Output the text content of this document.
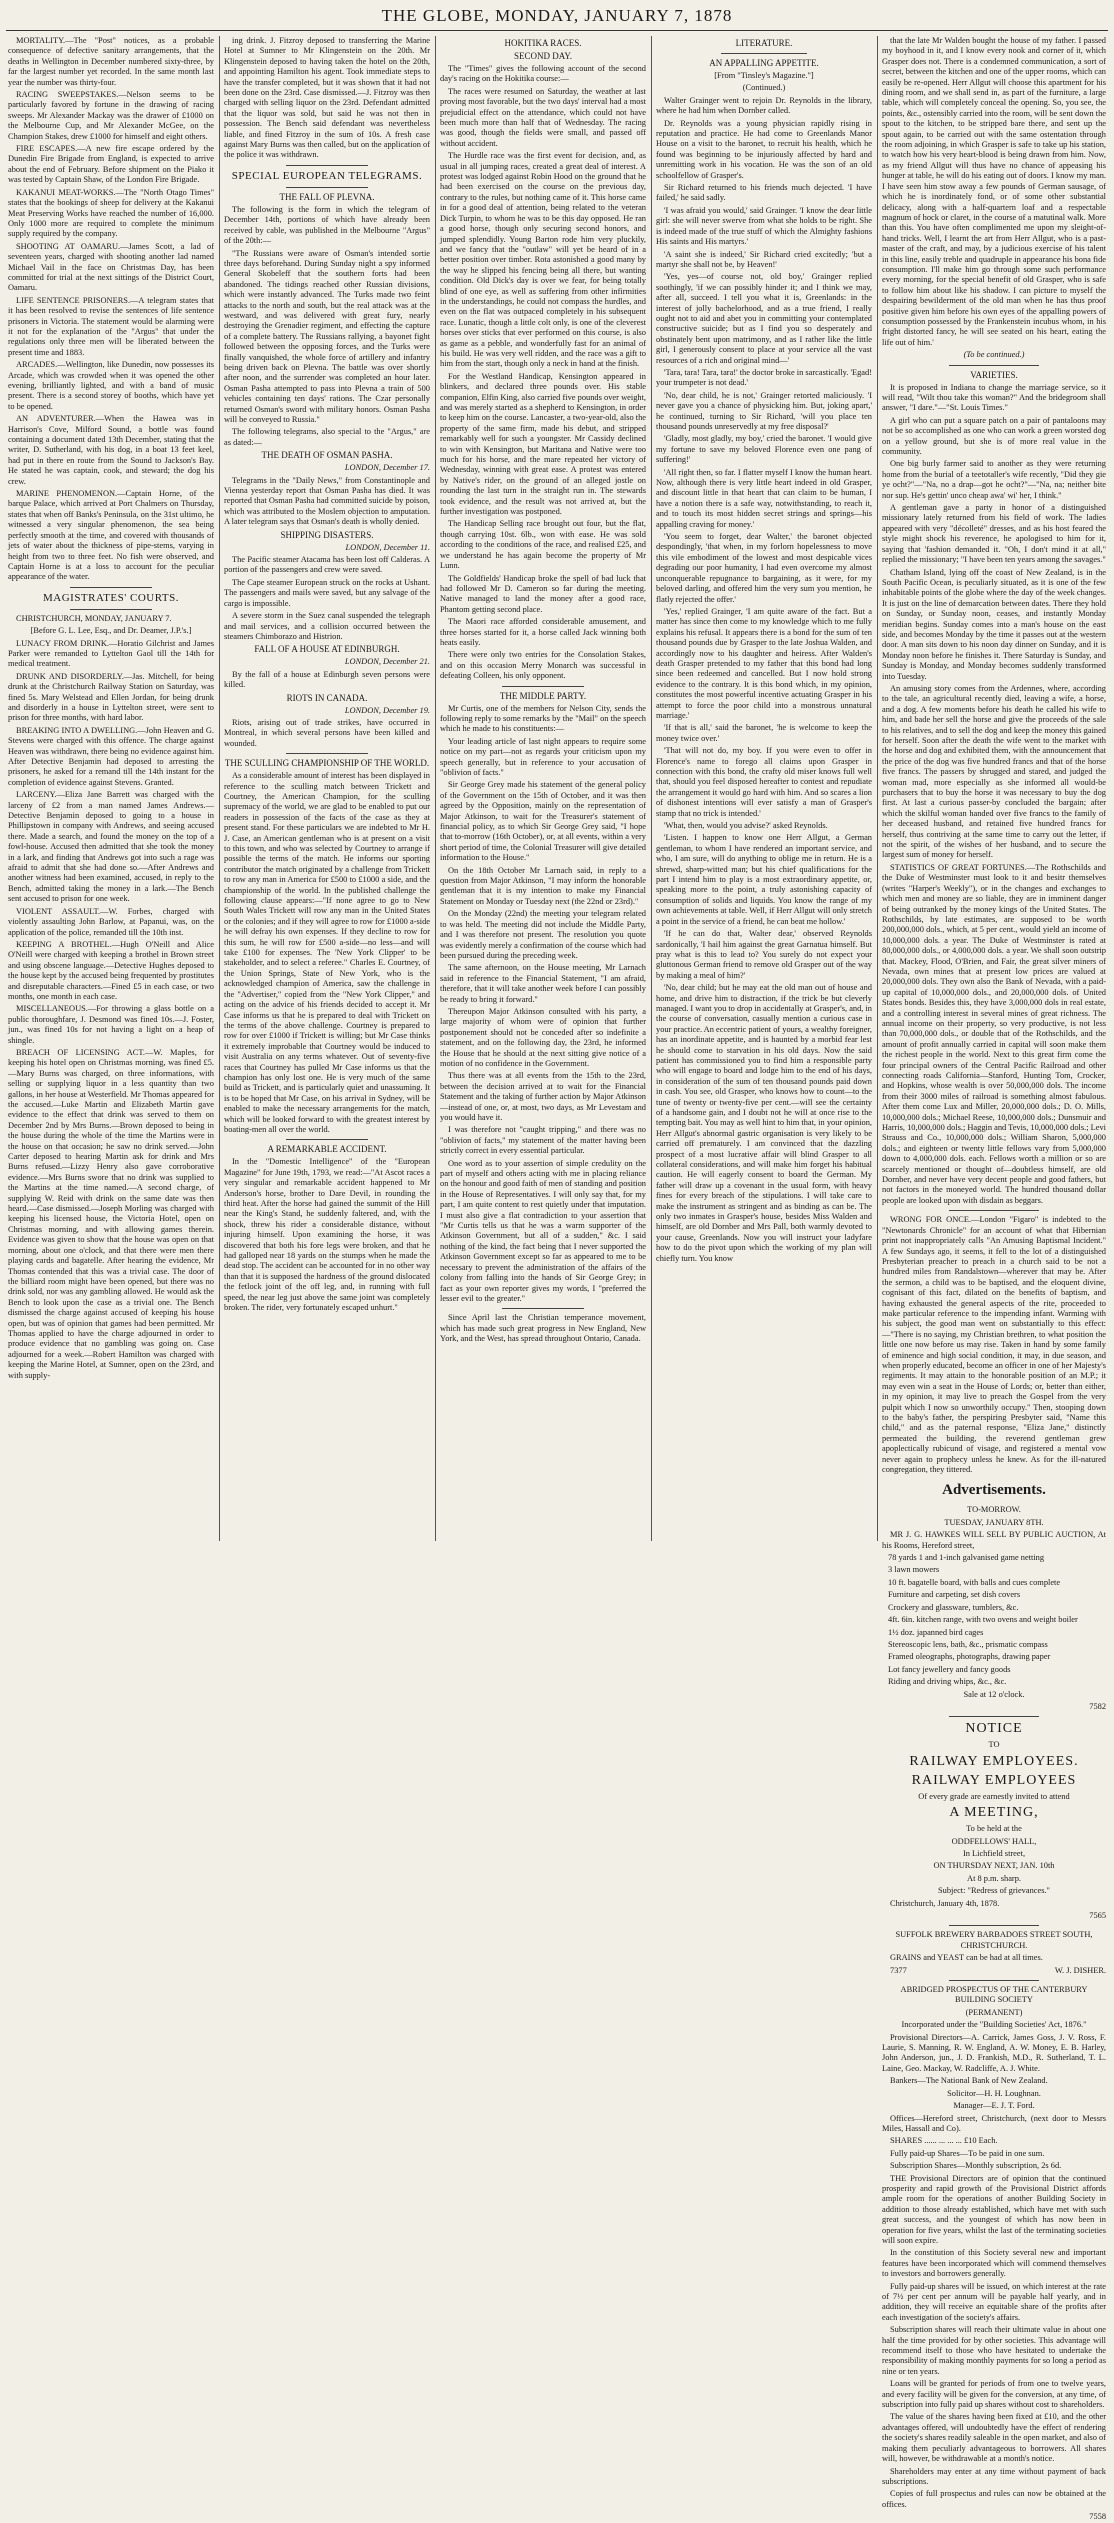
THE GLOBE, MONDAY, JANUARY 7, 1878

MORTALITY.—The "Post" notices, as a probable consequence of defective sanitary arrangements, that the deaths in Wellington in December numbered sixty-three, by far the largest number yet recorded. In the same month last year the number was thirty-four.

RACING SWEEPSTAKES.—Nelson seems to be particularly favored by fortune in the drawing of racing sweeps. Mr Alexander Mackay was the drawer of £1000 on the Melbourne Cup, and Mr Alexander McGee, on the Champion Stakes, drew £1000 for himself and eight others.

FIRE ESCAPES.—A new fire escape ordered by the Dunedin Fire Brigade from England, is expected to arrive about the end of February. Before shipment on the Piako it was tested by Captain Shaw, of the London Fire Brigade.

KAKANUI MEAT-WORKS.—The "North Otago Times" states that the bookings of sheep for delivery at the Kakanui Meat Preserving Works have reached the number of 16,000. Only 1000 more are required to complete the minimum supply required by the company.

SHOOTING AT OAMARU.—James Scott, a lad of seventeen years, charged with shooting another lad named Michael Vail in the face on Christmas Day, has been committed for trial at the next sittings of the District Court, Oamaru.

LIFE SENTENCE PRISONERS.—A telegram states that it has been resolved to revise the sentences of life sentence prisoners in Victoria. The statement would be alarming were it not for the explanation of the "Argus" that under the regulations only three men will be liberated between the present time and 1883.

ARCADES.—Wellington, like Dunedin, now possesses its Arcade, which was crowded when it was opened the other evening, brilliantly lighted, and with a band of music present. There is a second storey of booths, which have yet to be opened.

AN ADVENTURER.—When the Hawea was in Harrison's Cove, Milford Sound, a bottle was found containing a document dated 13th December, stating that the writer, D. Sutherland, with his dog, in a boat 13 feet keel, had put in there en route from the Sound to Jackson's Bay. He stated he was captain, cook, and steward; the dog his crew.

MARINE PHENOMENON.—Captain Horne, of the barque Palace, which arrived at Port Chalmers on Thursday, states that when off Banks's Peninsula, on the 31st ultimo, he witnessed a very singular phenomenon, the sea being perfectly smooth at the time, and covered with thousands of jets of water about the thickness of pipe-stems, varying in height from two to three feet. No fish were observed, and Captain Horne is at a loss to account for the peculiar appearance of the water.

MAGISTRATES' COURTS.

CHRISTCHURCH, MONDAY, JANUARY 7.

[Before G. L. Lee, Esq., and Dr. Deamer, J.P.'s.]

LUNACY FROM DRINK.—Horatio Gilchrist and James Parker were remanded to Lyttelton Gaol till the 14th for medical treatment.

DRUNK AND DISORDERLY.—Jas. Mitchell, for being drunk at the Christchurch Railway Station on Saturday, was fined 5s. Mary Welstead and Ellen Jordan, for being drunk and disorderly in a house in Lyttelton street, were sent to prison for three months, with hard labor.

BREAKING INTO A DWELLING.—John Heaven and G. Stevens were charged with this offence. The charge against Heaven was withdrawn, there being no evidence against him. After Detective Benjamin had deposed to arresting the prisoners, he asked for a remand till the 14th instant for the completion of evidence against Stevens. Granted.

LARCENY.—Eliza Jane Barrett was charged with the larceny of £2 from a man named James Andrews.—Detective Benjamin deposed to going to a house in Phillipstown in company with Andrews, and seeing accused there. Made a search, and found the money on the top of a fowl-house. Accused then admitted that she took the money in a lark, and finding that Andrews got into such a rage was afraid to admit that she had done so.—After Andrews and another witness had been examined, accused, in reply to the Bench, admitted taking the money in a lark.—The Bench sent accused to prison for one week.

VIOLENT ASSAULT.—W. Forbes, charged with violently assaulting John Barlow, at Papanui, was, on the application of the police, remanded till the 10th inst.

KEEPING A BROTHEL.—Hugh O'Neill and Alice O'Neill were charged with keeping a brothel in Brown street and using obscene language.—Detective Hughes deposed to the house kept by the accused being frequented by prostitutes and disreputable characters.—Fined £5 in each case, or two months, one month in each case.

MISCELLANEOUS.—For throwing a glass bottle on a public thoroughfare, J. Desmond was fined 10s.—J. Foster, jun., was fined 10s for not having a light on a heap of shingle.

BREACH OF LICENSING ACT.—W. Maples, for keeping his hotel open on Christmas morning, was fined £5.—Mary Burns was charged, on three informations, with selling or supplying liquor in a less quantity than two gallons, in her house at Westerfield. Mr Thomas appeared for the accused.—Luke Martin and Elizabeth Martin gave evidence to the effect that drink was served to them on December 2nd by Mrs Burns.—Brown deposed to being in the house during the whole of the time the Martins were in the house on that occasion; he saw no drink served.—John Carter deposed to hearing Martin ask for drink and Mrs Burns refused.—Lizzy Henry also gave corroborative evidence.—Mrs Burns swore that no drink was supplied to the Martins at the time named.—A second charge, of supplying W. Reid with drink on the same date was then heard.—Case dismissed.—Joseph Morling was charged with keeping his licensed house, the Victoria Hotel, open on Christmas morning, and with allowing games therein. Evidence was given to show that the house was open on that morning, about one o'clock, and that there were men there playing cards and bagatelle. After hearing the evidence, Mr Thomas contended that this was a trivial case. The door of the billiard room might have been opened, but there was no drink sold, nor was any gambling allowed. He would ask the Bench to look upon the case as a trivial one. The Bench dismissed the charge against accused of keeping his house open, but was of opinion that games had been permitted. Mr Thomas applied to have the charge adjourned in order to produce evidence that no gambling was going on. Case adjourned for a week.—Robert Hamilton was charged with keeping the Marine Hotel, at Sumner, open on the 23rd, and with supply-

ing drink. J. Fitzroy deposed to transferring the Marine Hotel at Sumner to Mr Klingenstein on the 20th. Mr Klingenstein deposed to having taken the hotel on the 20th, and appointing Hamilton his agent. Took immediate steps to have the transfer completed, but it was shown that it had not been done on the 23rd. Case dismissed.—J. Fitzroy was then charged with selling liquor on the 23rd. Defendant admitted that the liquor was sold, but said he was not then in possession. The Bench said defendant was nevertheless liable, and fined Fitzroy in the sum of 10s. A fresh case against Mary Burns was then called, but on the application of the police it was withdrawn.

SPECIAL EUROPEAN TELEGRAMS.
THE FALL OF PLEVNA.

The following is the form in which the telegram of December 14th, portions of which have already been received by cable, was published in the Melbourne "Argus" of the 20th:—

"The Russians were aware of Osman's intended sortie three days beforehand. During Sunday night a spy informed General Skobeleff that the southern forts had been abandoned. The tidings reached other Russian divisions, which were instantly advanced. The Turks made two feint attacks to the north and south, but the real attack was at the westward, and was delivered with great fury, nearly destroying the Grenadier regiment, and effecting the capture of a complete battery. The Russians rallying, a bayonet fight followed between the opposing forces, and the Turks were finally vanquished, the whole force of artillery and infantry being driven back on Plevna. The battle was over shortly after noon, and the surrender was completed an hour later. Osman Pasha attempted to pass into Plevna a train of 500 vehicles containing ten days' rations. The Czar personally returned Osman's sword with military honors. Osman Pasha will be conveyed to Russia."

The following telegrams, also special to the "Argus," are as dated:—

THE DEATH OF OSMAN PASHA.

LONDON, December 17.

Telegrams in the "Daily News," from Constantinople and Vienna yesterday report that Osman Pasha has died. It was reported that Osman Pasha had committed suicide by poison, which was attributed to the Moslem objection to amputation. A later telegram says that Osman's death is wholly denied.

SHIPPING DISASTERS.

LONDON, December 11.

The Pacific steamer Atacama has been lost off Calderas. A portion of the passengers and crew were saved.

The Cape steamer European struck on the rocks at Ushant. The passengers and mails were saved, but any salvage of the cargo is impossible.

A severe storm in the Suez canal suspended the telegraph and mail services, and a collision occurred between the steamers Chimborazo and Histrion.

FALL OF A HOUSE AT EDINBURGH.

LONDON, December 21.

By the fall of a house at Edinburgh seven persons were killed.

RIOTS IN CANADA.

LONDON, December 19.

Riots, arising out of trade strikes, have occurred in Montreal, in which several persons have been killed and wounded.

THE SCULLING CHAMPIONSHIP OF THE WORLD.

As a considerable amount of interest has been displayed in reference to the sculling match between Trickett and Courtney, the American Champion, for the sculling supremacy of the world, we are glad to be enabled to put our readers in possession of the facts of the case as they at present stand. For these particulars we are indebted to Mr H. J. Case, an American gentleman who is at present on a visit to this town, and who was selected by Courtney to arrange if possible the terms of the match. He informs our sporting contributor the match originated by a challenge from Trickett to row any man in America for £500 to £1000 a side, and the championship of the world. In the published challenge the following clause appears:—"If none agree to go to New South Wales Trickett will row any man in the United States or the colonies; and if they will agree to row for £1000 a-side he will defray his own expenses. If they decline to row for this sum, he will row for £500 a-side—no less—and will take £100 for expenses. The 'New York Clipper' to be stakeholder, and to select a referee." Charles E. Courtney, of the Union Springs, State of New York, who is the acknowledged champion of America, saw the challenge in the "Advertiser," copied from the "New York Clipper," and acting on the advice of his friends decided to accept it. Mr Case informs us that he is prepared to deal with Trickett on the terms of the above challenge. Courtney is prepared to row for over £1000 if Trickett is willing; but Mr Case thinks it extremely improbable that Courtney would be induced to visit Australia on any terms whatever. Out of seventy-five races that Courtney has pulled Mr Case informs us that the champion has only lost one. He is very much of the same build as Trickett, and is particularly quiet and unassuming. It is to be hoped that Mr Case, on his arrival in Sydney, will be enabled to make the necessary arrangements for the match, which will be looked forward to with the greatest interest by boating-men all over the world.

A REMARKABLE ACCIDENT.

In the "Domestic Intelligence" of the "European Magazine" for June 19th, 1793, we read:—"At Ascot races a very singular and remarkable accident happened to Mr Anderson's horse, brother to Dare Devil, in rounding the third heat. After the horse had gained the summit of the Hill near the King's Stand, he suddenly faltered, and, with the shock, threw his rider a considerable distance, without injuring himself. Upon examining the horse, it was discovered that both his fore legs were broken, and that he had galloped near 18 yards on the stumps when he made the dead stop. The accident can be accounted for in no other way than that it is supposed the hardness of the ground dislocated the fetlock joint of the off leg, and, in running with full speed, the near leg just above the same joint was completely broken. The rider, very fortunately escaped unhurt."

HOKITIKA RACES.
SECOND DAY.

The "Times" gives the following account of the second day's racing on the Hokitika course:—

The races were resumed on Saturday, the weather at last proving most favorable, but the two days' interval had a most prejudicial effect on the attendance, which could not have been much more than half that of Wednesday. The racing was good, though the fields were small, and passed off without accident.

The Hurdle race was the first event for decision, and, as usual in all jumping races, created a great deal of interest. A protest was lodged against Robin Hood on the ground that he had been exercised on the course on the previous day, contrary to the rules, but nothing came of it. This horse came in for a good deal of attention, being related to the veteran Dick Turpin, to whom he was to be this day opposed. He ran a good horse, though only securing second honors, and jumped splendidly. Young Barton rode him very pluckily, and we fancy that the "outlaw" will yet be heard of in a better position over timber. Rota astonished a good many by the way he slipped his fencing being all there, but wanting condition. Old Dick's day is over we fear, for being totally blind of one eye, as well as suffering from other infirmities in the understandings, he could not compass the hurdles, and even on the flat was outpaced completely in his subsequent race. Lunatic, though a little colt only, is one of the cleverest horses over sticks that ever performed on this course, is also as game as a pebble, and wonderfully fast for an animal of his build. He was very well ridden, and the race was a gift to him from the start, though only a neck in hand at the finish.

For the Westland Handicap, Kensington appeared in blinkers, and declared three pounds over. His stable companion, Elfin King, also carried five pounds over weight, and was merely started as a shepherd to Kensington, in order to keep him on the course. Lancaster, a two-year-old, also the property of the same firm, made his debut, and stripped remarkably well for such a youngster. Mr Cassidy declined to win with Kensington, but Maritana and Native were too much for his horse, and the mare repeated her victory of Wednesday, winning with great ease. A protest was entered by Native's rider, on the ground of an alleged jostle on rounding the last turn in the straight run in. The stewards took evidence, and the result was not arrived at, but the further investigation was postponed.

The Handicap Selling race brought out four, but the flat, though carrying 10st. 6lb., won with ease. He was sold according to the conditions of the race, and realised £25, and we understand he has again become the property of Mr Lunn.

The Goldfields' Handicap broke the spell of bad luck that had followed Mr D. Cameron so far during the meeting. Native managed to land the money after a good race, Phantom getting second place.

The Maori race afforded considerable amusement, and three horses started for it, a horse called Jack winning both heats easily.

There were only two entries for the Consolation Stakes, and on this occasion Merry Monarch was successful in defeating Colleen, his only opponent.

THE MIDDLE PARTY.

Mr Curtis, one of the members for Nelson City, sends the following reply to some remarks by the "Mail" on the speech which he made to his constituents:—

Your leading article of last night appears to require some notice on my part—not as regards your criticism upon my speech generally, but in reference to your accusation of "oblivion of facts."

Sir George Grey made his statement of the general policy of the Government on the 15th of October, and it was then agreed by the Opposition, mainly on the representation of Major Atkinson, to wait for the Treasurer's statement of financial policy, as to which Sir George Grey said, "I hope that to-morrow (16th October), or, at all events, within a very short period of time, the Colonial Treasurer will give detailed information to the House."

On the 18th October Mr Larnach said, in reply to a question from Major Atkinson, "I may inform the honorable gentleman that it is my intention to make my Financial Statement on Monday or Tuesday next (the 22nd or 23rd)."

On the Monday (22nd) the meeting your telegram related to was held. The meeting did not include the Middle Party, and I was therefore not present. The resolution you quote was evidently merely a confirmation of the course which had been pursued during the preceding week.

The same afternoon, on the House meeting, Mr Larnach said in reference to the Financial Statement, "I am afraid, therefore, that it will take another week before I can possibly be ready to bring it forward."

Thereupon Major Atkinson consulted with his party, a large majority of whom were of opinion that further postponement should not be conceded after so indefinite a statement, and on the following day, the 23rd, he informed the House that he should at the next sitting give notice of a motion of no confidence in the Government.

Thus there was at all events from the 15th to the 23rd, between the decision arrived at to wait for the Financial Statement and the taking of further action by Major Atkinson—instead of one, or, at most, two days, as Mr Levestam and you would have it.

I was therefore not "caught tripping," and there was no "oblivion of facts," my statement of the matter having been strictly correct in every essential particular.

One word as to your assertion of simple credulity on the part of myself and others acting with me in placing reliance on the honour and good faith of men of standing and position in the House of Representatives. I will only say that, for my part, I am quite content to rest quietly under that imputation. I must also give a flat contradiction to your assertion that "Mr Curtis tells us that he was a warm supporter of the Atkinson Government, but all of a sudden," &c. I said nothing of the kind, the fact being that I never supported the Atkinson Government except so far as appeared to me to be necessary to prevent the administration of the affairs of the colony from falling into the hands of Sir George Grey; in fact as your own reporter gives my words, I "preferred the lesser evil to the greater."

Since April last the Christian temperance movement, which has made such great progress in New England, New York, and the West, has spread throughout Ontario, Canada.

LITERATURE.
AN APPALLING APPETITE.

[From "Tinsley's Magazine."]

(Continued.)

Walter Grainger went to rejoin Dr. Reynolds in the library, where he had him when Dornber called.

Dr. Reynolds was a young physician rapidly rising in reputation and practice. He had come to Greenlands Manor House on a visit to the baronet, to recruit his health, which he found was beginning to be injuriously affected by hard and unremitting work in his vocation. He was the son of an old schoolfellow of Grasper's.

Sir Richard returned to his friends much dejected. 'I have failed,' he said sadly.

'I was afraid you would,' said Grainger. 'I know the dear little girl: she will never swerve from what she holds to be right. She is indeed made of the true stuff of which the Almighty fashions His saints and His martyrs.'

'A saint she is indeed,' Sir Richard cried excitedly; 'but a martyr she shall not be, by Heaven!'

'Yes, yes—of course not, old boy,' Grainger replied soothingly, 'if we can possibly hinder it; and I think we may, after all, succeed. I tell you what it is, Greenlands: in the interest of jolly bachelorhood, and as a true friend, I really ought not to aid and abet you in committing your contemplated constructive suicide; but as I find you so desperately and obstinately bent upon matrimony, and as I rather like the little girl, I generously consent to place at your service all the vast resources of a rich and original mind—'

'Tara, tara! Tara, tara!' the doctor broke in sarcastically. 'Egad! your trumpeter is not dead.'

'No, dear child, he is not,' Grainger retorted maliciously. 'I never gave you a chance of physicking him. But, joking apart,' he continued, turning to Sir Richard, 'will you place ten thousand pounds unreservedly at my free disposal?'

'Gladly, most gladly, my boy,' cried the baronet. 'I would give my fortune to save my beloved Florence even one pang of suffering!'

'All right then, so far. I flatter myself I know the human heart. Now, although there is very little heart indeed in old Grasper, and discount little in that heart that can claim to be human, I have a notion there is a safe way, notwithstanding, to reach it, and to touch its most hidden secret strings and springs—his appalling craving for money.'

'You seem to forget, dear Walter,' the baronet objected despondingly, 'that when, in my forlorn hopelessness to move this vile embodiment of the lowest and most despicable vices degrading our poor humanity, I had even overcome my almost unconquerable repugnance to bargaining, as it were, for my beloved darling, and offered him the very sum you mention, he flatly rejected the offer.'

'Yes,' replied Grainger, 'I am quite aware of the fact. But a matter has since then come to my knowledge which to me fully explains his refusal. It appears there is a bond for the sum of ten thousand pounds due by Grasper to the late Joshua Walden, and accordingly now to his daughter and heiress. After Walden's death Grasper pretended to my father that this bond had long since been redeemed and cancelled. But I now hold strong evidence to the contrary. It is this bond which, in my opinion, constitutes the most powerful incentive actuating Grasper in his attempt to force the poor child into a monstrous unnatural marriage.'

'If that is all,' said the baronet, 'he is welcome to keep the money twice over.'

'That will not do, my boy. If you were even to offer in Florence's name to forego all claims upon Grasper in connection with this bond, the crafty old miser knows full well that, should you feel disposed hereafter to contest and repudiate the arrangement it would go hard with him. And so scares a lion of dishonest intentions will ever satisfy a man of Grasper's stamp that no trick is intended.'

'What, then, would you advise?' asked Reynolds.

'Listen. I happen to know one Herr Allgut, a German gentleman, to whom I have rendered an important service, and who, I am sure, will do anything to oblige me in return. He is a shrewd, sharp-witted man; but his chief qualifications for the part I intend him to play is a most extraordinary appetite, or, speaking more to the point, a truly astonishing capacity of consumption of solids and liquids. You know the range of my own achievements at table. Well, if Herr Allgut will only stretch a point in the service of a friend, he can beat me hollow.'

'If he can do that, Walter dear,' observed Reynolds sardonically, 'I hail him against the great Garnatua himself. But pray what is this to lead to? You surely do not expect your gluttonous German friend to remove old Grasper out of the way by making a meal of him?'

'No, dear child; but he may eat the old man out of house and home, and drive him to distraction, if the trick be but cleverly managed. I want you to drop in accidentally at Grasper's, and, in the course of conversation, casually mention a curious case in your practice. An eccentric patient of yours, a wealthy foreigner, has an inordinate appetite, and is haunted by a morbid fear lest he should come to starvation in his old days. Now the said patient has commissioned you to find him a responsible party who will engage to board and lodge him to the end of his days, in consideration of the sum of ten thousand pounds paid down in cash. You see, old Grasper, who knows how to count—to the tune of twenty or twenty-five per cent.—will see the certainty of a handsome gain, and I doubt not he will at once rise to the tempting bait. You may as well hint to him that, in your opinion, Herr Allgut's abnormal gastric organisation is very likely to be carried off prematurely. I am convinced that the dazzling prospect of a most lucrative affair will blind Grasper to all collateral considerations, and will make him forget his habitual caution. He will eagerly consent to board the German. My father will draw up a covenant in the usual form, with heavy fines for every breach of the stipulations. I will take care to make the instrument as stringent and as binding as can be. The only two inmates in Grasper's house, besides Miss Walden and himself, are old Dornber and Mrs Pall, both warmly devoted to your cause, Greenlands. Now you will instruct your ladyfare how to do the pivot upon which the working of my plan will chiefly turn. You know

that the late Mr Walden bought the house of my father. I passed my boyhood in it, and I know every nook and corner of it, which Grasper does not. There is a condemned communication, a sort of secret, between the kitchen and one of the upper rooms, which can easily be re-opened. Herr Allgut will choose this apartment for his dining room, and we shall send in, as part of the furniture, a large table, which will completely conceal the opening. So, you see, the points, &c., ostensibly carried into the room, will be sent down the spout to the kitchen, to be stripped bare there, and sent up the spout again, to be carried out with the same ostentation through the room adjoining, in which Grasper is safe to take up his station, to watch how his very heart-blood is being drawn from him. Now, as my friend Allgut will thus have no chance of appeasing his hunger at table, he will do his eating out of doors. I know my man. I have seen him stow away a few pounds of German sausage, of which he is inordinately fond, or of some other substantial delicacy, along with a half-quartern loaf and a respectable magnum of hock or claret, in the course of a matutinal walk. More than this. You have often complimented me upon my sleight-of-hand tricks. Well, I learnt the art from Herr Allgut, who is a past-master of the craft, and may, by a judicious exercise of his talent in this line, easily treble and quadruple in appearance his bona fide consumption. I'll make him go through some such performance every morning, for the special benefit of old Grasper, who is safe to follow him about like his shadow. I can picture to myself the despairing bewilderment of the old man when he has thus proof positive given him before his own eyes of the appalling powers of consumption possessed by the Frankenstein incubus whom, in his fright distorted fancy, he will see seated on his heart, eating the life out of him.'

(To be continued.)

VARIETIES.

It is proposed in Indiana to change the marriage service, so it will read, "Wilt thou take this woman?" And the bridegroom shall answer, "I dare."—"St. Louis Times."

A girl who can put a square patch on a pair of pantaloons may not be so accomplished as one who can work a green worsted dog on a yellow ground, but she is of more real value in the community.

One big burly farmer said to another as they were returning home from the burial of a teetotaller's wife recently, "Did they gie ye ocht?"—"Na, no a drap—got he ocht?"—"Na, na; neither bite nor sup. He's gettin' unco cheap awa' wi' her, I think."

A gentleman gave a party in honor of a distinguished missionary lately returned from his field of work. The ladies appeared with very "décolleté" dresses, and as his host feared the style might shock his reverence, he apologised to him for it, saying that 'fashion demanded it. "Oh, I don't mind it at all," replied the missionary; "I have been ten years among the savages."

Chatham Island, lying off the coast of New Zealand, is in the South Pacific Ocean, is peculiarly situated, as it is one of the few inhabitable points of the globe where the day of the week changes. It is just on the line of demarcation between dates. There they hold on Sunday, or Sunday noon, ceases, and instantly Monday meridian begins. Sunday comes into a man's house on the east side, and becomes Monday by the time it passes out at the western door. A man sits down to his noon day dinner on Sunday, and it is Monday noon before he finishes it. There Saturday is Sunday, and Sunday is Monday, and Monday becomes suddenly transformed into Tuesday.

An amusing story comes from the Ardennes, where, according to the tale, an agricultural recently died, leaving a wife, a horse, and a dog. A few moments before his death he called his wife to him, and bade her sell the horse and give the proceeds of the sale to his relatives, and to sell the dog and keep the money this gained for herself. Soon after the death the wife went to the market with the horse and dog and exhibited them, with the announcement that the price of the dog was five hundred francs and that of the horse five francs. The passers by shrugged and stared, and judged the woman mad, more especially as she informed all would-be purchasers that to buy the horse it was necessary to buy the dog first. At last a curious passer-by concluded the bargain; after which the skilful woman handed over five francs to the family of her deceased husband, and retained five hundred francs for herself, thus contriving at the same time to carry out the letter, if not the spirit, of the wishes of her husband, and to secure the largest sum of money for herself.

STATISTICS OF GREAT FORTUNES.—The Rothschilds and the Duke of Westminster must look to it and besitr themselves (writes "Harper's Weekly"), or in the changes and exchanges to which men and money are so liable, they are in imminent danger of being outranked by the money kings of the United States. The Rothschilds, by late estimates, are supposed to be worth 200,000,000 dols., which, at 5 per cent., would yield an income of 10,000,000 dols. a year. The Duke of Westminster is rated at 80,000,000 dols., or 4,000,000 dols. a year. We shall soon outstrip that. Mackey, Flood, O'Brien, and Fair, the great silver miners of Nevada, own mines that at present low prices are valued at 20,000,000 dols. They own also the Bank of Nevada, with a paid-up capital of 10,000,000 dols., and 20,000,000 dols. of United States bonds. Besides this, they have 3,000,000 dols in real estate, and a controlling interest in several mines of great richness. The annual income on their property, so very productive, is not less than 70,000,000 dols., or double that of the Rothschilds, and the amount of profit annually carried in capital will soon make them the richest people in the world. Next to this great firm come the four principal owners of the Central Pacific Railroad and other connecting roads California—Stanford, Hunting Tom, Crocker, and Hopkins, whose wealth is over 50,000,000 dols. The income from their 3000 miles of railroad is something almost fabulous. After them come Lux and Miller, 20,000,000 dols.; D. O. Mills, 10,000,000 dols.; Michael Reese, 10,000,000 dols.; Dunsmuir and Harris, 10,000,000 dols.; Haggin and Tevis, 10,000,000 dols.; Levi Strauss and Co., 10,000,000 dols.; William Sharon, 5,000,000 dols.; and eighteen or twenty little fellows vary from 5,000,000 down to 4,000,000 dols. each. Fellows worth a million or so are scarcely mentioned or thought of—doubtless himself, are old Dornber, and never have very decent people and good fathers, but not factors in the moneyed world. The hundred thousand dollar people are looked upon with disdain as beggars.

WRONG FOR ONCE.—London "Figaro" is indebted to the "Newtonards Chronicle" for an account of what that Hibernian print not inappropriately calls "An Amusing Baptismal Incident." A few Sundays ago, it seems, it fell to the lot of a distinguished Presbyterian preacher to preach in a church said to be not a hundred miles from Randalstown—wherever that may be. After the sermon, a child was to be baptised, and the eloquent divine, cognisant of this fact, dilated on the benefits of baptism, and having exhausted the general aspects of the rite, proceeded to make particular reference to the impending infant. Warming with his subject, the good man went on substantially to this effect:—"There is no saying, my Christian brethren, to what position the little one now before us may rise. Taken in hand by some family of eminence and high social condition, it may, in due season, and when properly educated, become an officer in one of her Majesty's regiments. It may attain to the honorable position of an M.P.; it may even win a seat in the House of Lords; or, better than either, in my opinion, it may live to preach the Gospel from the very pulpit which I now so unworthily occupy." Then, stooping down to the baby's father, the perspiring Presbyter said, "Name this child," and as the paternal response, "Eliza Jane," distinctly permeated the building, the reverend gentleman grew apoplectically rubicund of visage, and registered a mental vow never again to prophecy unless he knew. As for the ill-natured congregation, they tittered.

Advertisements.

TO-MORROW.

TUESDAY, JANUARY 8TH.

MR J. G. HAWKES WILL SELL BY PUBLIC AUCTION, At his Rooms, Hereford street,

78 yards 1 and 1-inch galvanised game netting

3 lawn mowers

10 ft. bagatelle board, with balls and cues complete

Furniture and carpeting, set dish covers

Crockery and glassware, tumblers, &c.

4ft. 6in. kitchen range, with two ovens and weight boiler

1½ doz. japanned bird cages

Stereoscopic lens, bath, &c., prismatic compass

Framed oleographs, photographs, drawing paper

Lot fancy jewellery and fancy goods

Riding and driving whips, &c., &c.

Sale at 12 o'clock.

7582

NOTICE

TO

RAILWAY EMPLOYEES.
RAILWAY EMPLOYEES

Of every grade are earnestly invited to attend

A MEETING,

To be held at the

ODDFELLOWS' HALL,

In Lichfield street,

ON THURSDAY NEXT, JAN. 10th

At 8 p.m. sharp.

Subject: "Redress of grievances."

Christchurch, January 4th, 1878.

7565

SUFFOLK BREWERY BARBADOES STREET SOUTH, CHRISTCHURCH.

GRAINS and YEAST can be had at all times.

7377	W. J. DISHER.

ABRIDGED PROSPECTUS OF THE CANTERBURY BUILDING SOCIETY

(PERMANENT)

Incorporated under the "Building Societies' Act, 1876."

Provisional Directors—A. Carrick, James Goss, J. V. Ross, F. Laurie, S. Manning, R. W. England, A. W. Money, E. B. Harley, John Anderson, jun., J. D. Frankish, M.D., R. Sutherland, T. L. Laine, Geo. Mackay, W. Radcliffe, A. J. White.

Bankers—The National Bank of New Zealand.

Solicitor—H. H. Loughnan.

Manager—E. J. T. Ford.

Offices—Hereford street, Christchurch, (next door to Messrs Miles, Hassall and Co).

SHARES ...... ... ... ... £10 Each.

Fully paid-up Shares—To be paid in one sum.

Subscription Shares—Monthly subscription, 2s 6d.

THE Provisional Directors are of opinion that the continued prosperity and rapid growth of the Provisional District affords ample room for the operations of another Building Society in addition to those already established, which have met with such great success, and the youngest of which has now been in operation for five years, whilst the last of the terminating societies will soon expire.

In the constitution of this Society several new and important features have been incorporated which will commend themselves to investors and borrowers generally.

Fully paid-up shares will be issued, on which interest at the rate of 7½ per cent per annum will be payable half yearly, and in addition, they will receive an equitable share of the profits after each investigation of the society's affairs.

Subscription shares will reach their ultimate value in about one half the time provided for by other societies. This advantage will recommend itself to those who have hesitated to undertake the responsibility of making monthly payments for so long a period as nine or ten years.

Loans will be granted for periods of from one to twelve years, and every facility will be given for the conversion, at any time, of subscription into fully paid up shares without cost to shareholders.

The value of the shares having been fixed at £10, and the other advantages offered, will undoubtedly have the effect of rendering the society's shares readily saleable in the open market, and also of making them peculiarly advantageous to borrowers. All shares will, however, be withdrawable at a month's notice.

Shareholders may enter at any time without payment of back subscriptions.

Copies of full prospectus and rules can now be obtained at the offices.

7558
